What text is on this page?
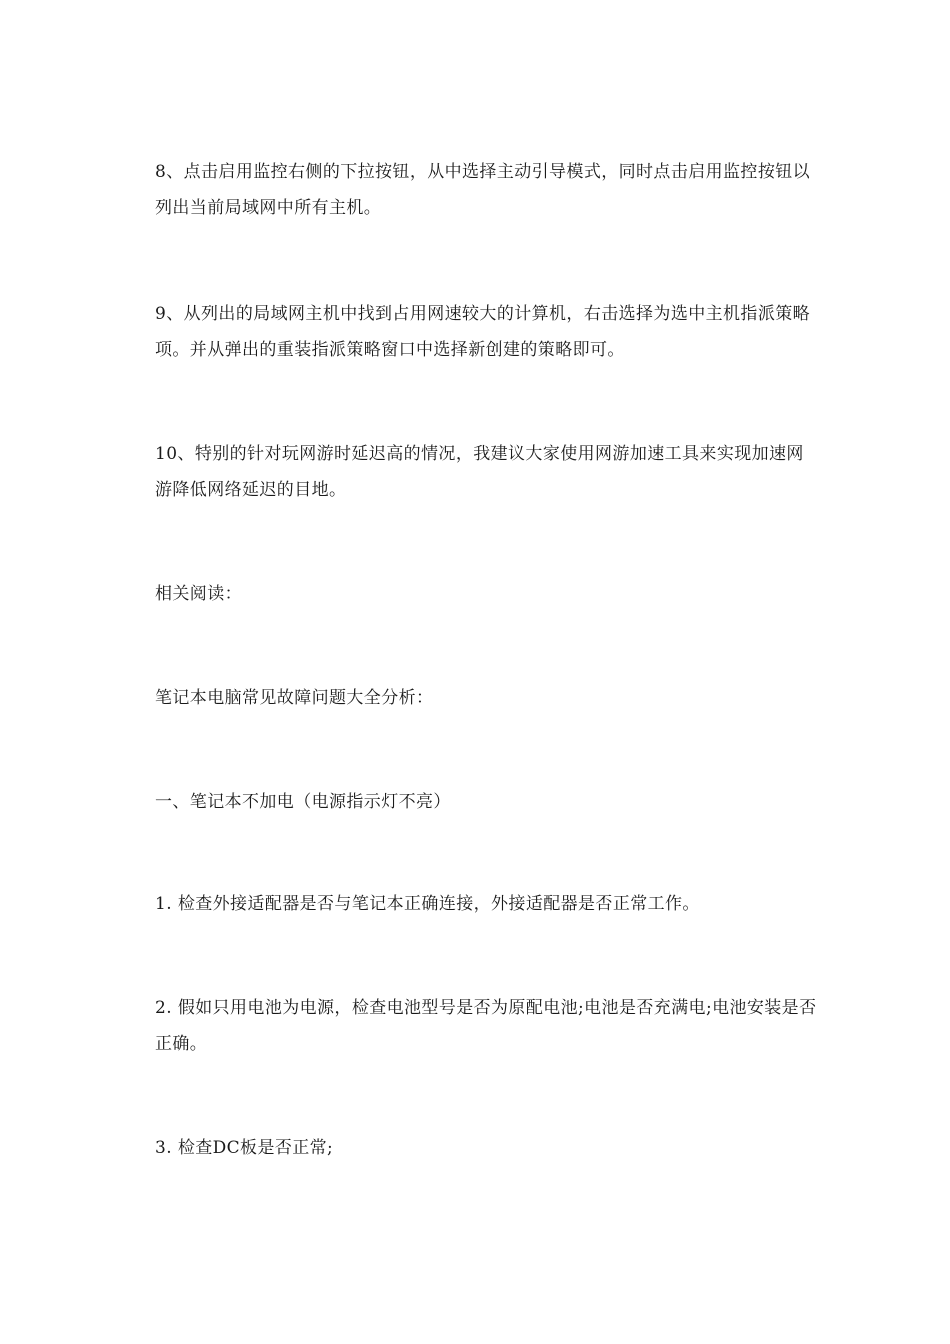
8、点击启用监控右侧的下拉按钮，从中选择主动引导模式，同时点击启用监控按钮以列出当前局域网中所有主机。

9、从列出的局域网主机中找到占用网速较大的计算机，右击选择为选中主机指派策略项。并从弹出的重装指派策略窗口中选择新创建的策略即可。

10、特别的针对玩网游时延迟高的情况，我建议大家使用网游加速工具来实现加速网游降低网络延迟的目地。

相关阅读：

笔记本电脑常见故障问题大全分析：

一、笔记本不加电（电源指示灯不亮）

1. 检查外接适配器是否与笔记本正确连接，外接适配器是否正常工作。

2. 假如只用电池为电源，检查电池型号是否为原配电池;电池是否充满电;电池安装是否正确。

3. 检查DC板是否正常;
